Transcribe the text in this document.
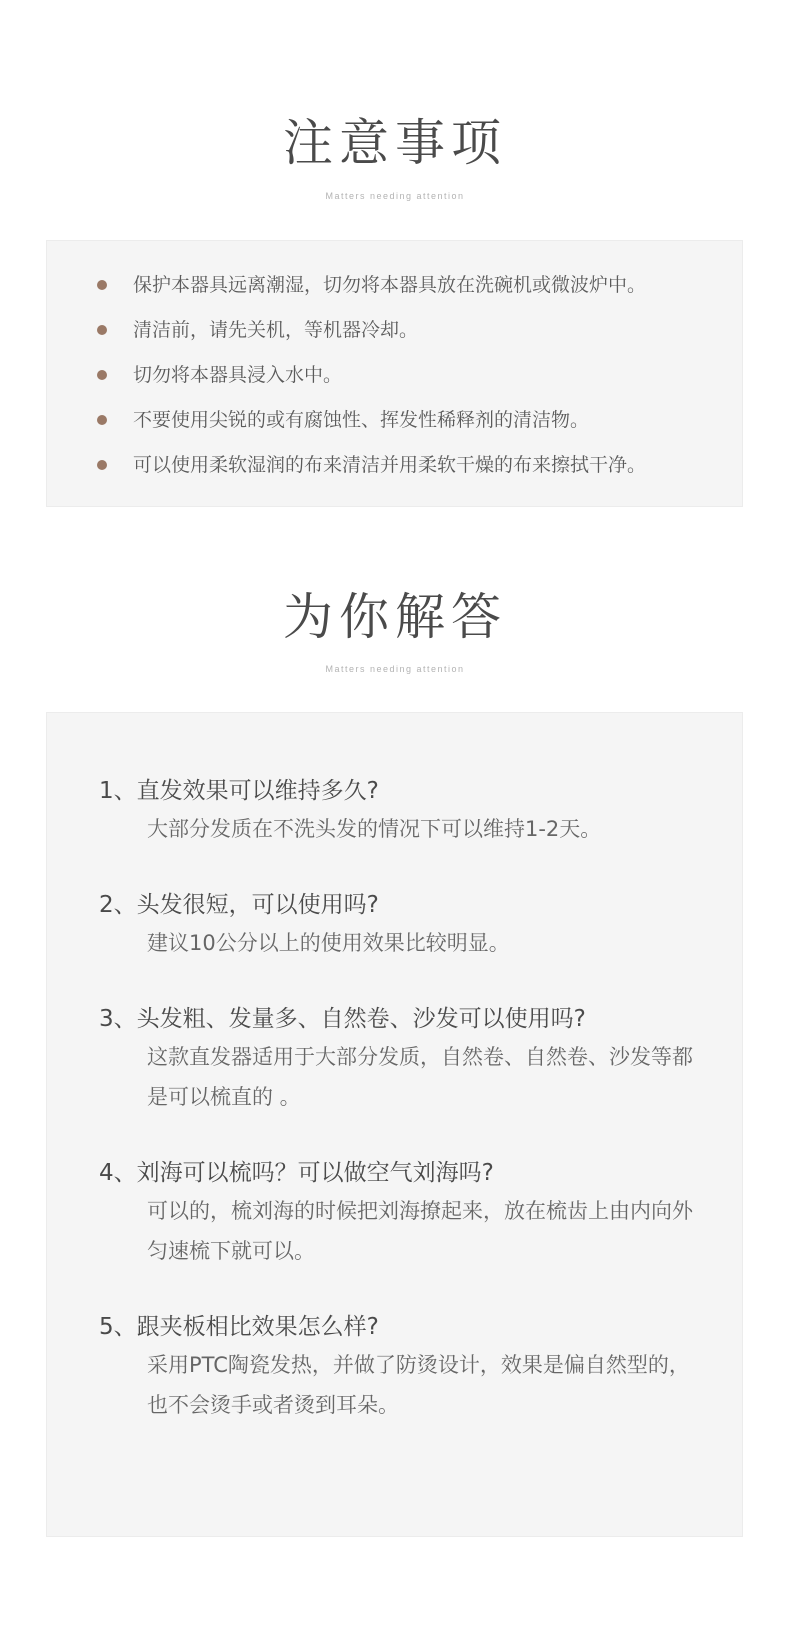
注意事项
Matters needing attention
保护本器具远离潮湿，切勿将本器具放在洗碗机或微波炉中。
清洁前，请先关机，等机器冷却。
切勿将本器具浸入水中。
不要使用尖锐的或有腐蚀性、挥发性稀释剂的清洁物。
可以使用柔软湿润的布来清洁并用柔软干燥的布来擦拭干净。
为你解答
Matters needing attention
1、直发效果可以维持多久?
大部分发质在不洗头发的情况下可以维持1-2天。
2、头发很短，可以使用吗?
建议10公分以上的使用效果比较明显。
3、头发粗、发量多、自然卷、沙发可以使用吗?
这款直发器适用于大部分发质，自然卷、自然卷、沙发等都是可以梳直的 。
4、刘海可以梳吗？可以做空气刘海吗?
可以的，梳刘海的时候把刘海撩起来，放在梳齿上由内向外匀速梳下就可以。
5、跟夹板相比效果怎么样?
采用PTC陶瓷发热，并做了防烫设计，效果是偏自然型的，也不会烫手或者烫到耳朵。
